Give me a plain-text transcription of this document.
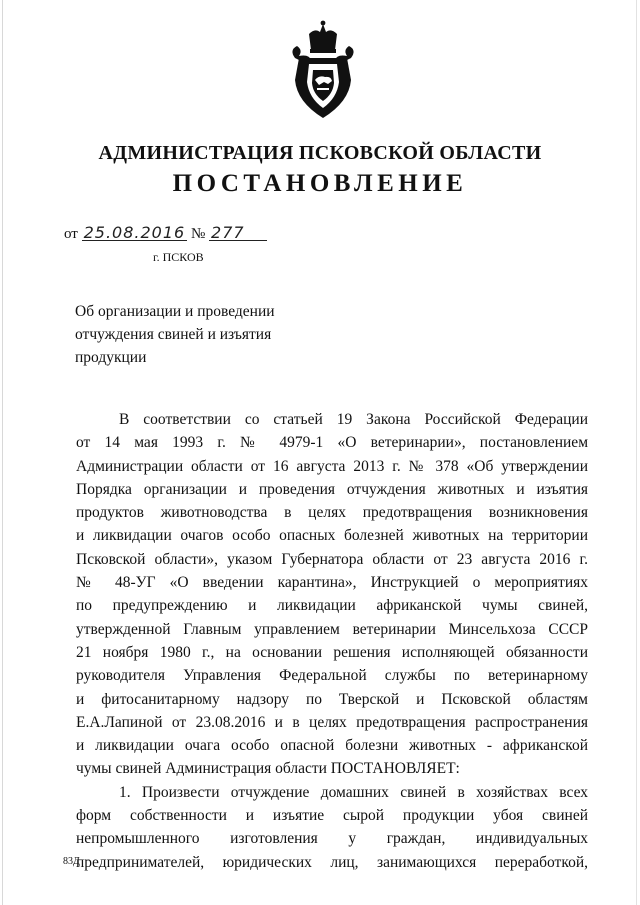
АДМИНИСТРАЦИЯ ПСКОВСКОЙ ОБЛАСТИ
ПОСТАНОВЛЕНИЕ
от 25.08.2016 № 277
г. ПСКОВ
Об организации и проведении
отчуждения свиней и изъятия
продукции
В соответствии со статьей 19 Закона Российской Федерации
от 14 мая 1993 г. № 4979-1 «О ветеринарии», постановлением
Администрации области от 16 августа 2013 г. № 378 «Об утверждении
Порядка организации и проведения отчуждения животных и изъятия
продуктов животноводства в целях предотвращения возникновения
и ликвидации очагов особо опасных болезней животных на территории
Псковской области», указом Губернатора области от 23 августа 2016 г.
№ 48-УГ «О введении карантина», Инструкцией о мероприятиях
по предупреждению и ликвидации африканской чумы свиней,
утвержденной Главным управлением ветеринарии Минсельхоза СССР
21 ноября 1980 г., на основании решения исполняющей обязанности
руководителя Управления Федеральной службы по ветеринарному
и фитосанитарному надзору по Тверской и Псковской областям
Е.А.Лапиной от 23.08.2016 и в целях предотвращения распространения
и ликвидации очага особо опасной болезни животных - африканской
чумы свиней Администрация области ПОСТАНОВЛЯЕТ:
1. Произвести отчуждение домашних свиней в хозяйствах всех
форм собственности и изъятие сырой продукции убоя свиней
непромышленного изготовления у граждан, индивидуальных
предпринимателей, юридических лиц, занимающихся переработкой,
83Д
